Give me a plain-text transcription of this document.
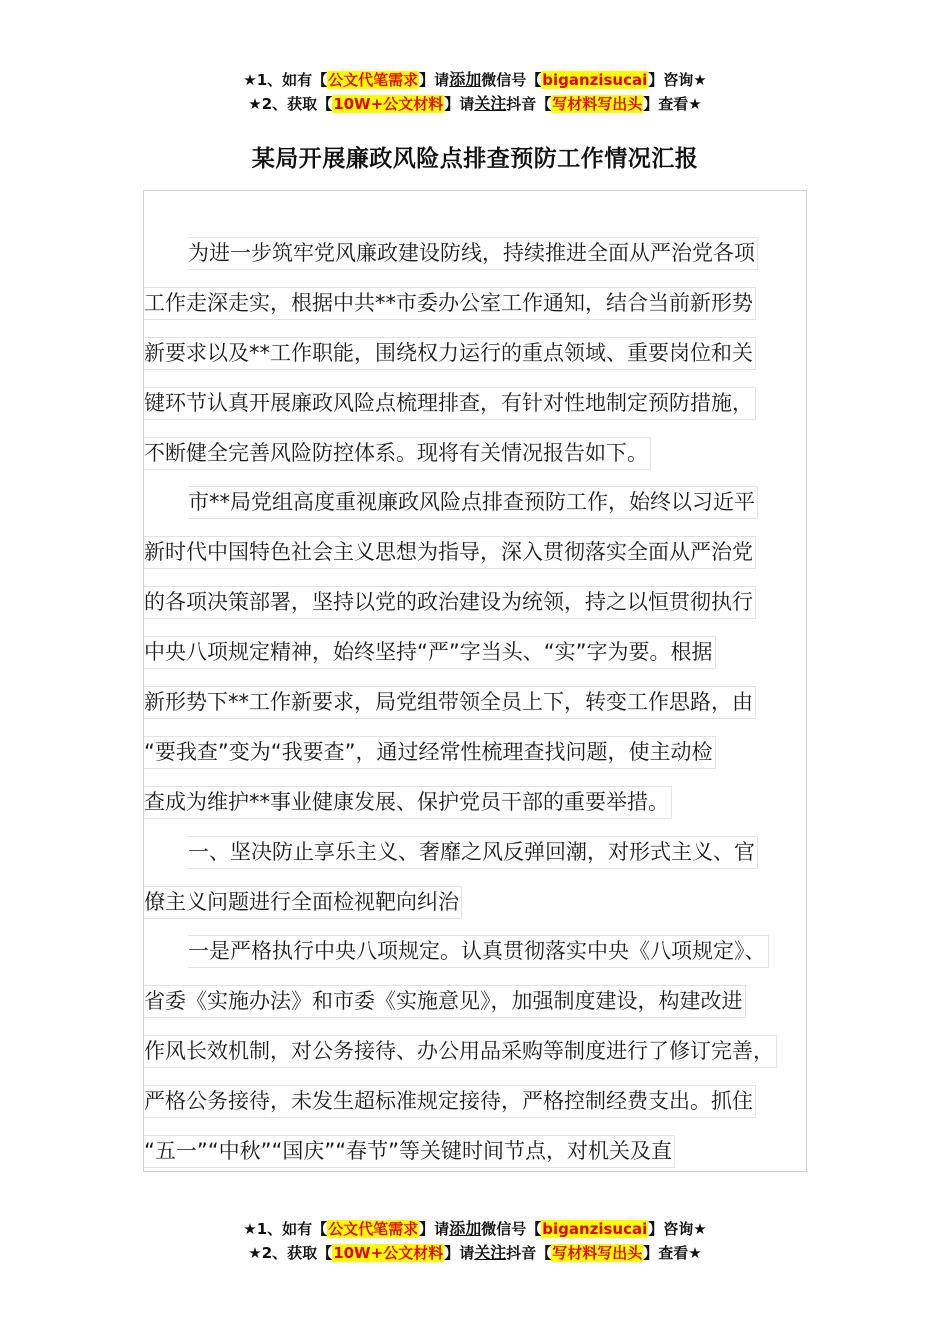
★1、如有【公文代笔需求】请添加微信号【biganzisucai】咨询★
★2、获取【10W+公文材料】请关注抖音【写材料写出头】查看★
某局开展廉政风险点排查预防工作情况汇报
为进一步筑牢党风廉政建设防线，持续推进全面从严治党各项
工作走深走实，根据中共**市委办公室工作通知，结合当前新形势
新要求以及**工作职能，围绕权力运行的重点领域、重要岗位和关
键环节认真开展廉政风险点梳理排查，有针对性地制定预防措施，
不断健全完善风险防控体系。现将有关情况报告如下。
市**局党组高度重视廉政风险点排查预防工作，始终以习近平
新时代中国特色社会主义思想为指导，深入贯彻落实全面从严治党
的各项决策部署，坚持以党的政治建设为统领，持之以恒贯彻执行
中央八项规定精神，始终坚持“严”字当头、“实”字为要。根据
新形势下**工作新要求，局党组带领全员上下，转变工作思路，由
“要我查”变为“我要查”，通过经常性梳理查找问题，使主动检
查成为维护**事业健康发展、保护党员干部的重要举措。
一、坚决防止享乐主义、奢靡之风反弹回潮，对形式主义、官
僚主义问题进行全面检视靶向纠治
一是严格执行中央八项规定。认真贯彻落实中央《八项规定》、
省委《实施办法》和市委《实施意见》，加强制度建设，构建改进
作风长效机制，对公务接待、办公用品采购等制度进行了修订完善，
严格公务接待，未发生超标准规定接待，严格控制经费支出。抓住
“五一”“中秋”“国庆”“春节”等关键时间节点，对机关及直
★1、如有【公文代笔需求】请添加微信号【biganzisucai】咨询★
★2、获取【10W+公文材料】请关注抖音【写材料写出头】查看★
